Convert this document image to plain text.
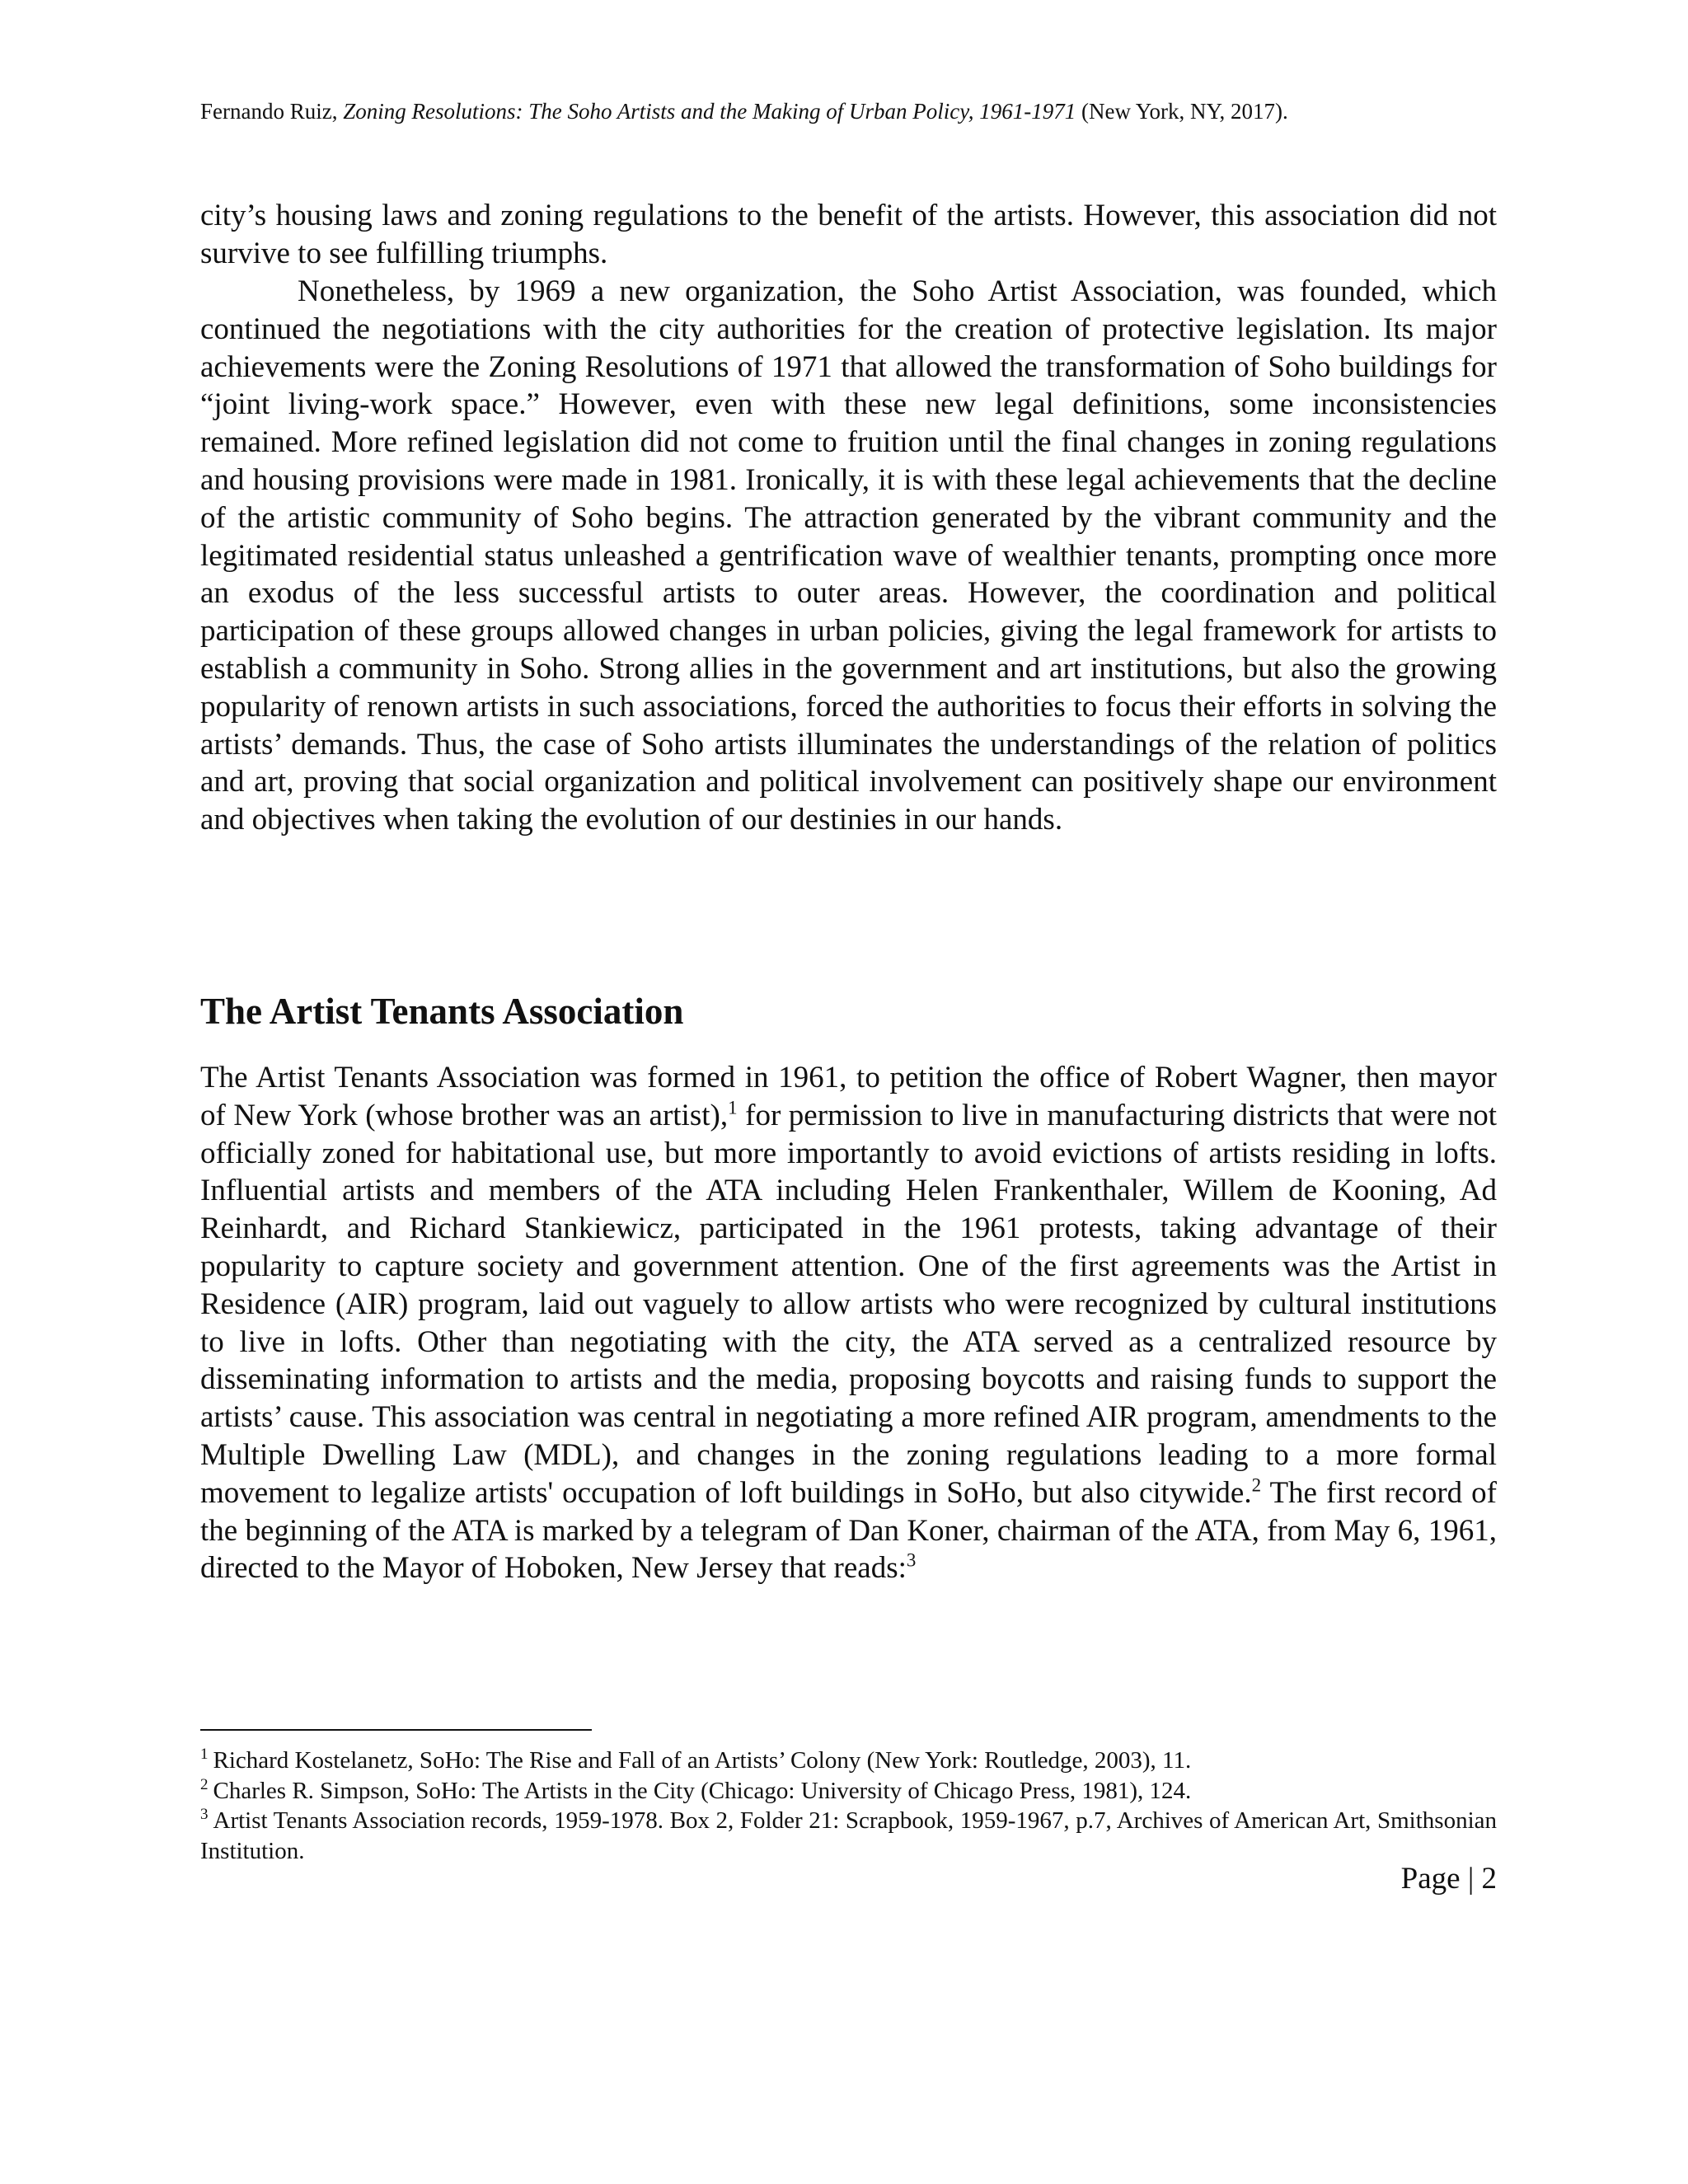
Fernando Ruiz, Zoning Resolutions: The Soho Artists and the Making of Urban Policy, 1961-1971 (New York, NY, 2017).

city’s housing laws and zoning regulations to the benefit of the artists. However, this association did not survive to see fulfilling triumphs.

Nonetheless, by 1969 a new organization, the Soho Artist Association, was founded, which continued the negotiations with the city authorities for the creation of protective legislation. Its major achievements were the Zoning Resolutions of 1971 that allowed the transformation of Soho buildings for “joint living-work space.” However, even with these new legal definitions, some inconsistencies remained. More refined legislation did not come to fruition until the final changes in zoning regulations and housing provisions were made in 1981. Ironically, it is with these legal achievements that the decline of the artistic community of Soho begins. The attraction generated by the vibrant community and the legitimated residential status unleashed a gentrification wave of wealthier tenants, prompting once more an exodus of the less successful artists to outer areas. However, the coordination and political participation of these groups allowed changes in urban policies, giving the legal framework for artists to establish a community in Soho. Strong allies in the government and art institutions, but also the growing popularity of renown artists in such associations, forced the authorities to focus their efforts in solving the artists’ demands. Thus, the case of Soho artists illuminates the understandings of the relation of politics and art, proving that social organization and political involvement can positively shape our environment and objectives when taking the evolution of our destinies in our hands.

The Artist Tenants Association

The Artist Tenants Association was formed in 1961, to petition the office of Robert Wagner, then mayor of New York (whose brother was an artist),$^1$ for permission to live in manufacturing districts that were not officially zoned for habitational use, but more importantly to avoid evictions of artists residing in lofts. Influential artists and members of the ATA including Helen Frankenthaler, Willem de Kooning, Ad Reinhardt, and Richard Stankiewicz, participated in the 1961 protests, taking advantage of their popularity to capture society and government attention. One of the first agreements was the Artist in Residence (AIR) program, laid out vaguely to allow artists who were recognized by cultural institutions to live in lofts. Other than negotiating with the city, the ATA served as a centralized resource by disseminating information to artists and the media, proposing boycotts and raising funds to support the artists’ cause. This association was central in negotiating a more refined AIR program, amendments to the Multiple Dwelling Law (MDL), and changes in the zoning regulations leading to a more formal movement to legalize artists' occupation of loft buildings in SoHo, but also citywide.$^2$ The first record of the beginning of the ATA is marked by a telegram of Dan Koner, chairman of the ATA, from May 6, 1961, directed to the Mayor of Hoboken, New Jersey that reads:$^3$

$^1$ Richard Kostelanetz, SoHo: The Rise and Fall of an Artists’ Colony (New York: Routledge, 2003), 11.

$^2$ Charles R. Simpson, SoHo: The Artists in the City (Chicago: University of Chicago Press, 1981), 124.

$^3$ Artist Tenants Association records, 1959-1978. Box 2, Folder 21: Scrapbook, 1959-1967, p.7, Archives of American Art, Smithsonian Institution.

Page | 2
